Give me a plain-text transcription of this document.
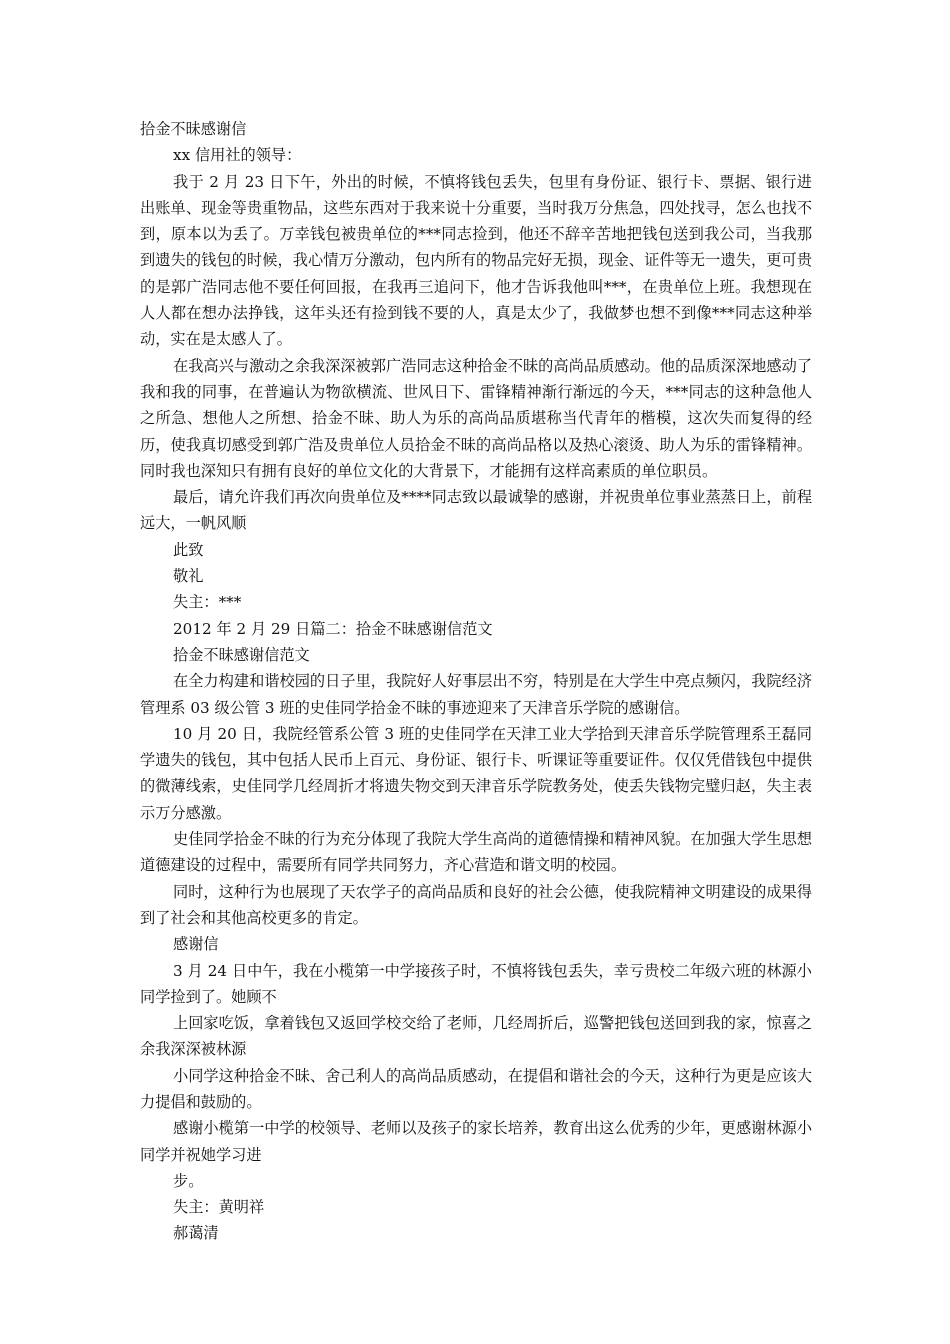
拾金不昧感谢信

xx 信用社的领导：

我于 2 月 23 日下午，外出的时候，不慎将钱包丢失，包里有身份证、银行卡、票据、银行进出账单、现金等贵重物品，这些东西对于我来说十分重要，当时我万分焦急，四处找寻，怎么也找不到，原本以为丢了。万幸钱包被贵单位的***同志捡到，他还不辞辛苦地把钱包送到我公司，当我那到遗失的钱包的时候，我心情万分激动，包内所有的物品完好无损，现金、证件等无一遗失，更可贵的是郭广浩同志他不要任何回报，在我再三追问下，他才告诉我他叫***，在贵单位上班。我想现在人人都在想办法挣钱，这年头还有捡到钱不要的人，真是太少了，我做梦也想不到像***同志这种举动，实在是太感人了。

在我高兴与激动之余我深深被郭广浩同志这种拾金不昧的高尚品质感动。他的品质深深地感动了我和我的同事，在普遍认为物欲横流、世风日下、雷锋精神渐行渐远的今天，***同志的这种急他人之所急、想他人之所想、拾金不昧、助人为乐的高尚品质堪称当代青年的楷模，这次失而复得的经历，使我真切感受到郭广浩及贵单位人员拾金不昧的高尚品格以及热心滚烫、助人为乐的雷锋精神。同时我也深知只有拥有良好的单位文化的大背景下，才能拥有这样高素质的单位职员。

最后，请允许我们再次向贵单位及****同志致以最诚挚的感谢，并祝贵单位事业蒸蒸日上，前程远大，一帆风顺

此致

敬礼

失主：***

2012 年 2 月 29 日篇二：拾金不昧感谢信范文

拾金不昧感谢信范文

在全力构建和谐校园的日子里，我院好人好事层出不穷，特别是在大学生中亮点频闪，我院经济管理系 03 级公管 3 班的史佳同学拾金不昧的事迹迎来了天津音乐学院的感谢信。

10 月 20 日，我院经管系公管 3 班的史佳同学在天津工业大学拾到天津音乐学院管理系王磊同学遗失的钱包，其中包括人民币上百元、身份证、银行卡、听课证等重要证件。仅仅凭借钱包中提供的微薄线索，史佳同学几经周折才将遗失物交到天津音乐学院教务处，使丢失钱物完璧归赵，失主表示万分感激。

史佳同学拾金不昧的行为充分体现了我院大学生高尚的道德情操和精神风貌。在加强大学生思想道德建设的过程中，需要所有同学共同努力，齐心营造和谐文明的校园。

同时，这种行为也展现了天农学子的高尚品质和良好的社会公德，使我院精神文明建设的成果得到了社会和其他高校更多的肯定。

感谢信

3 月 24 日中午，我在小榄第一中学接孩子时，不慎将钱包丢失，幸亏贵校二年级六班的林源小同学捡到了。她顾不

上回家吃饭，拿着钱包又返回学校交给了老师，几经周折后，巡警把钱包送回到我的家，惊喜之余我深深被林源

小同学这种拾金不昧、舍己利人的高尚品质感动，在提倡和谐社会的今天，这种行为更是应该大力提倡和鼓励的。

感谢小榄第一中学的校领导、老师以及孩子的家长培养，教育出这么优秀的少年，更感谢林源小同学并祝她学习进

步。

失主：黄明祥

郝蔼清
